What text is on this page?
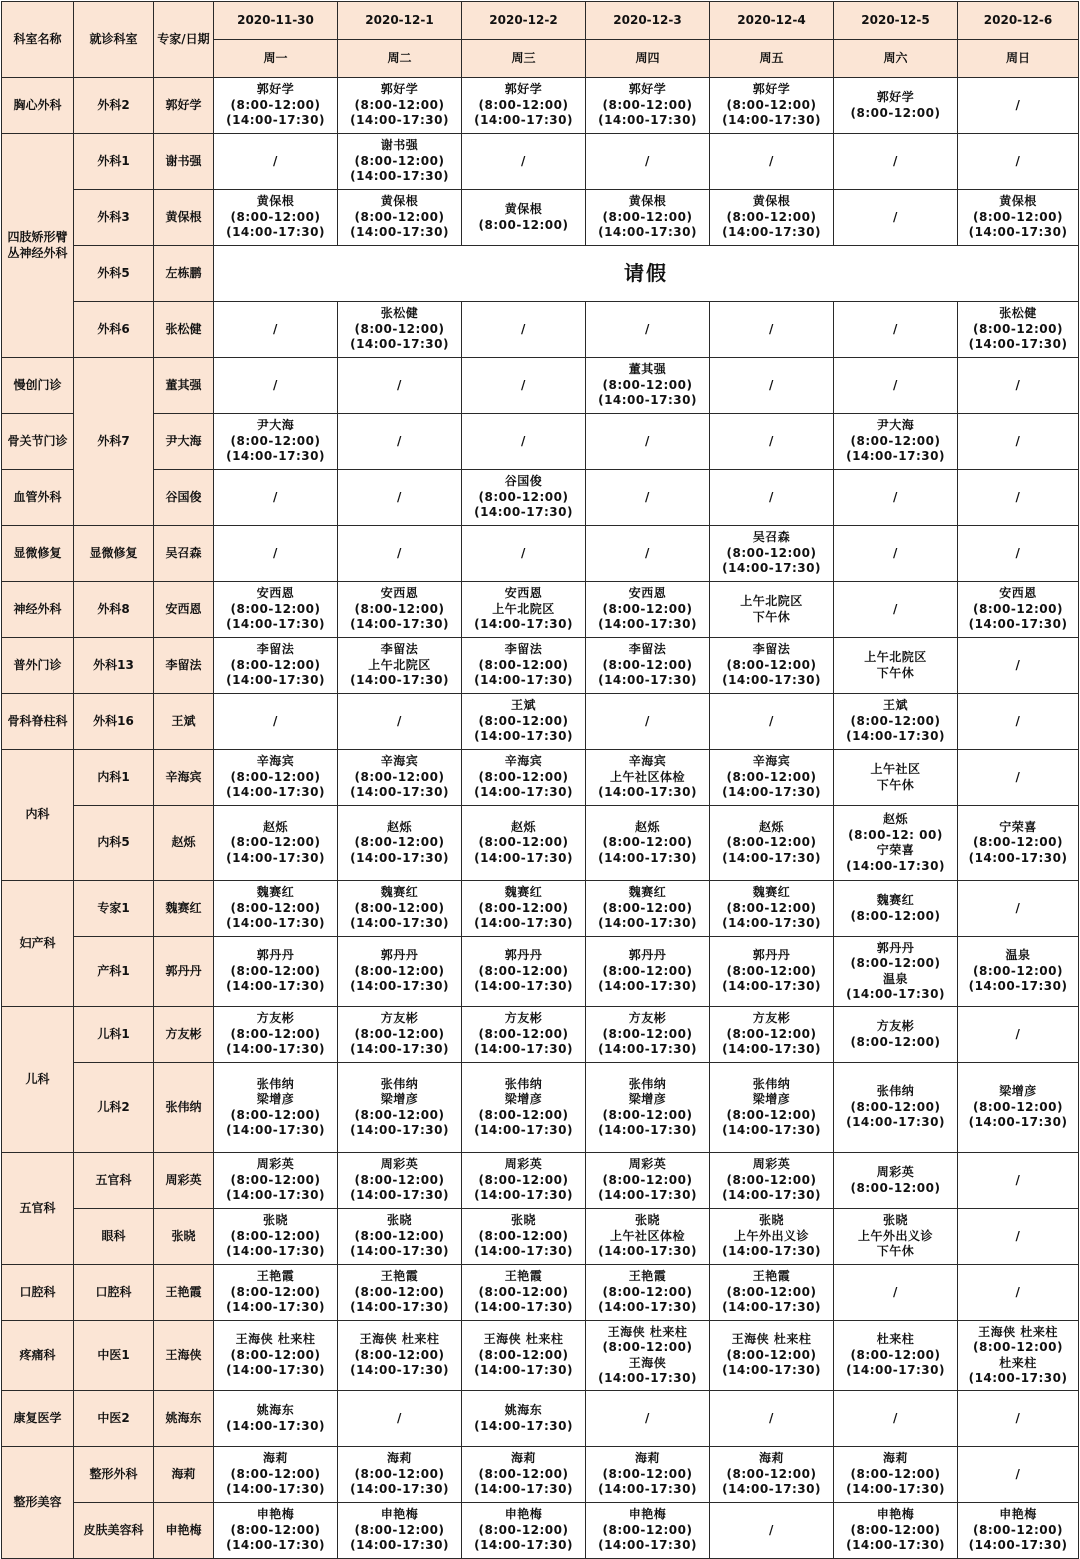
科室名称	就诊科室	专家/日期	2020-11-30	2020-12-1	2020-12-2	2020-12-3	2020-12-4	2020-12-5	2020-12-6
			周一	周二	周三	周四	周五	周六	周日
胸心外科	外科2	郭好学	郭好学
(8:00-12:00)
(14:00-17:30)	郭好学
(8:00-12:00)
(14:00-17:30)	郭好学
(8:00-12:00)
(14:00-17:30)	郭好学
(8:00-12:00)
(14:00-17:30)	郭好学
(8:00-12:00)
(14:00-17:30)	郭好学
(8:00-12:00)	/

四肢矫形臂丛神经外科	外科1	谢书强	/	谢书强
(8:00-12:00)
(14:00-17:30)	/	/	/	/	/

	外科3	黄保根	黄保根
(8:00-12:00)
(14:00-17:30)	黄保根
(8:00-12:00)
(14:00-17:30)	黄保根
(8:00-12:00)	黄保根
(8:00-12:00)
(14:00-17:30)	黄保根
(8:00-12:00)
(14:00-17:30)	/	黄保根
(8:00-12:00)
(14:00-17:30)

	外科5	左栋鹏	请假						
	外科6	张松健	/	张松健
(8:00-12:00)
(14:00-17:30)	/	/	/	/	张松健
(8:00-12:00)
(14:00-17:30)

慢创门诊	外科7	董其强	/	/	/	董其强
(8:00-12:00)
(14:00-17:30)	/	/	/

骨关节门诊		尹大海	尹大海
(8:00-12:00)
(14:00-17:30)	/	/	/	/	尹大海
(8:00-12:00)
(14:00-17:30)	/

血管外科		谷国俊	/	/	谷国俊
(8:00-12:00)
(14:00-17:30)	/	/	/	/

显微修复	显微修复	吴召森	/	/	/	/	吴召森
(8:00-12:00)
(14:00-17:30)	/	/

神经外科	外科8	安西恩	安西恩
(8:00-12:00)
(14:00-17:30)	安西恩
(8:00-12:00)
(14:00-17:30)	安西恩
上午北院区
(14:00-17:30)	安西恩
(8:00-12:00)
(14:00-17:30)	上午北院区
下午休	/	安西恩
(8:00-12:00)
(14:00-17:30)

普外门诊	外科13	李留法	李留法
(8:00-12:00)
(14:00-17:30)	李留法
上午北院区
(14:00-17:30)	李留法
(8:00-12:00)
(14:00-17:30)	李留法
(8:00-12:00)
(14:00-17:30)	李留法
(8:00-12:00)
(14:00-17:30)	上午北院区
下午休	/

骨科脊柱科	外科16	王斌	/	/	王斌
(8:00-12:00)
(14:00-17:30)	/	/	王斌
(8:00-12:00)
(14:00-17:30)	/

内科	内科1	辛海宾	辛海宾
(8:00-12:00)
(14:00-17:30)	辛海宾
(8:00-12:00)
(14:00-17:30)	辛海宾
(8:00-12:00)
(14:00-17:30)	辛海宾
上午社区体检
(14:00-17:30)	辛海宾
(8:00-12:00)
(14:00-17:30)	上午社区
下午休	/

	内科5	赵烁	赵烁
(8:00-12:00)
(14:00-17:30)	赵烁
(8:00-12:00)
(14:00-17:30)	赵烁
(8:00-12:00)
(14:00-17:30)	赵烁
(8:00-12:00)
(14:00-17:30)	赵烁
(8:00-12:00)
(14:00-17:30)	赵烁
(8:00-12: 00)
宁荣喜
(14:00-17:30)	宁荣喜
(8:00-12:00)
(14:00-17:30)

妇产科	专家1	魏赛红	魏赛红
(8:00-12:00)
(14:00-17:30)	魏赛红
(8:00-12:00)
(14:00-17:30)	魏赛红
(8:00-12:00)
(14:00-17:30)	魏赛红
(8:00-12:00)
(14:00-17:30)	魏赛红
(8:00-12:00)
(14:00-17:30)	魏赛红
(8:00-12:00)	/

	产科1	郭丹丹	郭丹丹
(8:00-12:00)
(14:00-17:30)	郭丹丹
(8:00-12:00)
(14:00-17:30)	郭丹丹
(8:00-12:00)
(14:00-17:30)	郭丹丹
(8:00-12:00)
(14:00-17:30)	郭丹丹
(8:00-12:00)
(14:00-17:30)	郭丹丹
(8:00-12:00)
温泉
(14:00-17:30)	温泉
(8:00-12:00)
(14:00-17:30)

儿科	儿科1	方友彬	方友彬
(8:00-12:00)
(14:00-17:30)	方友彬
(8:00-12:00)
(14:00-17:30)	方友彬
(8:00-12:00)
(14:00-17:30)	方友彬
(8:00-12:00)
(14:00-17:30)	方友彬
(8:00-12:00)
(14:00-17:30)	方友彬
(8:00-12:00)	/

	儿科2	张伟纳	张伟纳
梁增彦
(8:00-12:00)
(14:00-17:30)	张伟纳
梁增彦
(8:00-12:00)
(14:00-17:30)	张伟纳
梁增彦
(8:00-12:00)
(14:00-17:30)	张伟纳
梁增彦
(8:00-12:00)
(14:00-17:30)	张伟纳
梁增彦
(8:00-12:00)
(14:00-17:30)	张伟纳
(8:00-12:00)
(14:00-17:30)	梁增彦
(8:00-12:00)
(14:00-17:30)

五官科	五官科	周彩英	周彩英
(8:00-12:00)
(14:00-17:30)	周彩英
(8:00-12:00)
(14:00-17:30)	周彩英
(8:00-12:00)
(14:00-17:30)	周彩英
(8:00-12:00)
(14:00-17:30)	周彩英
(8:00-12:00)
(14:00-17:30)	周彩英
(8:00-12:00)	/

	眼科	张晓	张晓
(8:00-12:00)
(14:00-17:30)	张晓
(8:00-12:00)
(14:00-17:30)	张晓
(8:00-12:00)
(14:00-17:30)	张晓
上午社区体检
(14:00-17:30)	张晓
上午外出义诊
(14:00-17:30)	张晓
上午外出义诊
下午休	/

口腔科	口腔科	王艳霞	王艳霞
(8:00-12:00)
(14:00-17:30)	王艳霞
(8:00-12:00)
(14:00-17:30)	王艳霞
(8:00-12:00)
(14:00-17:30)	王艳霞
(8:00-12:00)
(14:00-17:30)	王艳霞
(8:00-12:00)
(14:00-17:30)	/	/

疼痛科	中医1	王海侠	王海侠 杜来柱
(8:00-12:00)
(14:00-17:30)	王海侠 杜来柱
(8:00-12:00)
(14:00-17:30)	王海侠 杜来柱
(8:00-12:00)
(14:00-17:30)	王海侠 杜来柱
(8:00-12:00)
王海侠
(14:00-17:30)	王海侠 杜来柱
(8:00-12:00)
(14:00-17:30)	杜来柱
(8:00-12:00)
(14:00-17:30)	王海侠 杜来柱
(8:00-12:00)
杜来柱
(14:00-17:30)

康复医学	中医2	姚海东	姚海东
(14:00-17:30)	/	姚海东
(14:00-17:30)	/	/	/	/

整形美容	整形外科	海莉	海莉
(8:00-12:00)
(14:00-17:30)	海莉
(8:00-12:00)
(14:00-17:30)	海莉
(8:00-12:00)
(14:00-17:30)	海莉
(8:00-12:00)
(14:00-17:30)	海莉
(8:00-12:00)
(14:00-17:30)	海莉
(8:00-12:00)
(14:00-17:30)	/

	皮肤美容科	申艳梅	申艳梅
(8:00-12:00)
(14:00-17:30)	申艳梅
(8:00-12:00)
(14:00-17:30)	申艳梅
(8:00-12:00)
(14:00-17:30)	申艳梅
(8:00-12:00)
(14:00-17:30)	/	申艳梅
(8:00-12:00)
(14:00-17:30)	申艳梅
(8:00-12:00)
(14:00-17:30)
